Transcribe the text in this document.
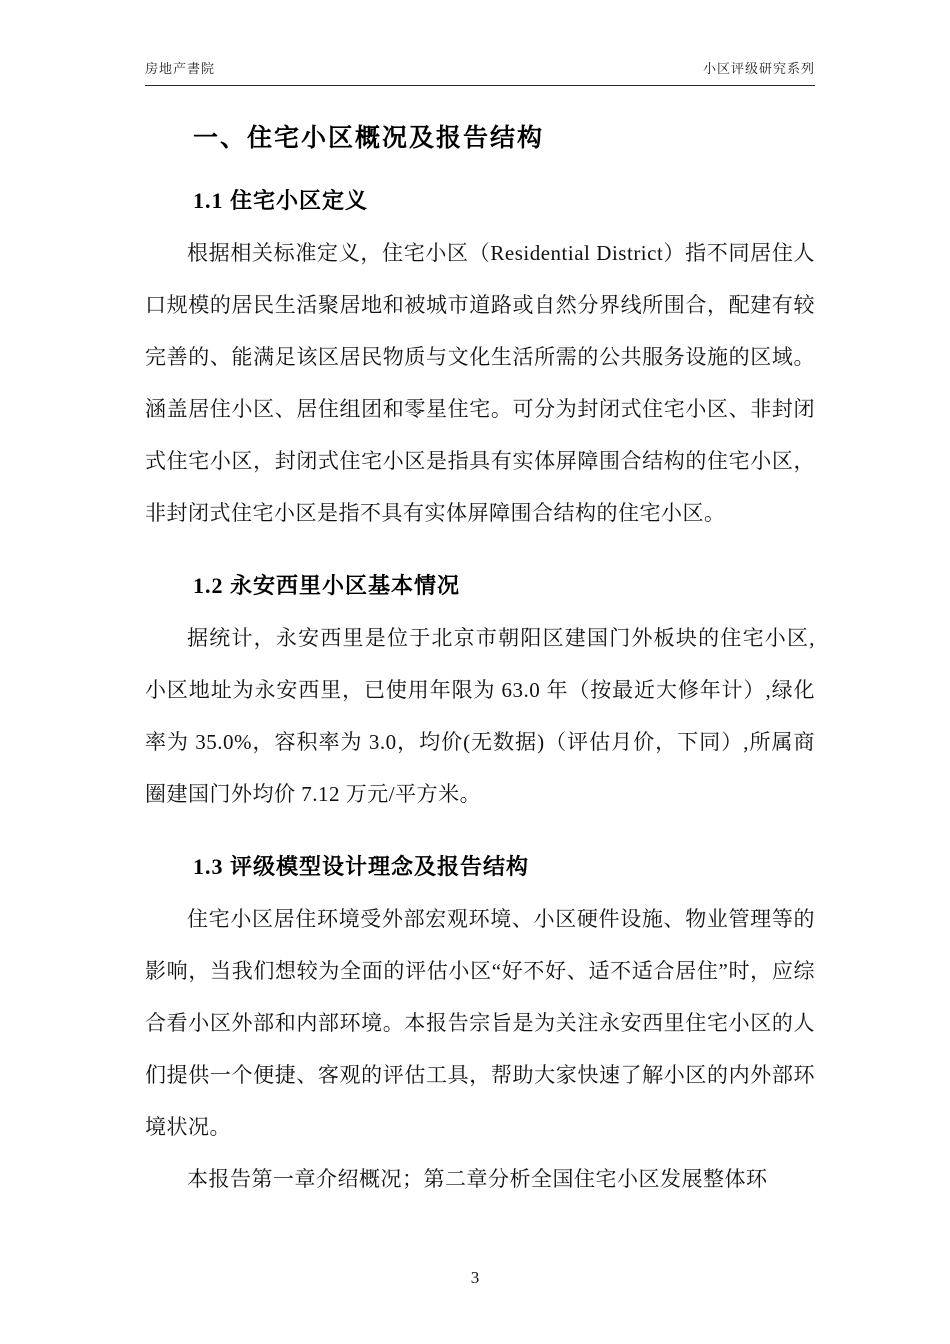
房地产書院	小区评级研究系列
一、住宅小区概况及报告结构
1.1 住宅小区定义

根据相关标准定义，住宅小区（Residential District）指不同居住人口规模的居民生活聚居地和被城市道路或自然分界线所围合，配建有较完善的、能满足该区居民物质与文化生活所需的公共服务设施的区域。涵盖居住小区、居住组团和零星住宅。可分为封闭式住宅小区、非封闭式住宅小区，封闭式住宅小区是指具有实体屏障围合结构的住宅小区，非封闭式住宅小区是指不具有实体屏障围合结构的住宅小区。

1.2 永安西里小区基本情况

据统计，永安西里是位于北京市朝阳区建国门外板块的住宅小区,小区地址为永安西里，已使用年限为 63.0 年（按最近大修年计）,绿化率为 35.0%，容积率为 3.0，均价(无数据)（评估月价，下同）,所属商圈建国门外均价 7.12 万元/平方米。

1.3 评级模型设计理念及报告结构

住宅小区居住环境受外部宏观环境、小区硬件设施、物业管理等的影响，当我们想较为全面的评估小区“好不好、适不适合居住”时，应综合看小区外部和内部环境。本报告宗旨是为关注永安西里住宅小区的人们提供一个便捷、客观的评估工具，帮助大家快速了解小区的内外部环境状况。

本报告第一章介绍概况；第二章分析全国住宅小区发展整体环

3
